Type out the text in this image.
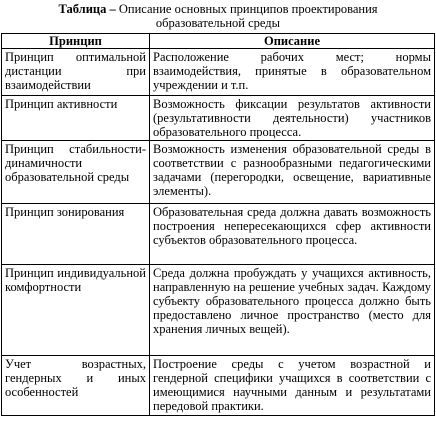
Таблица – Описание основных принципов проектирования
образовательной среды
Принцип	Описание
Принцип оптимальной дистанции при взаимодействии	Расположение рабочих мест; нормы взаимодействия, принятые в образовательном учреждении и т.п.
Принцип активности	Возможность фиксации результатов активности (результативности деятельности) участников образовательного процесса.
Принцип стабильности-динамичности образовательной среды	Возможность изменения образовательной среды в соответствии с разнообразными педагогическими задачами (перегородки, освещение, вариативные элементы).
Принцип зонирования	Образовательная среда должна давать возможность построения непересекающихся сфер активности субъектов образовательного процесса.
Принцип индивидуальной комфортности	Среда должна пробуждать у учащихся активность, направленную на решение учебных задач. Каждому субъекту образовательного процесса должно быть предоставлено личное пространство (место для хранения личных вещей).
Учет возрастных, гендерных и иных особенностей	Построение среды с учетом возрастной и гендерной специфики учащихся в соответствии с имеющимися научными данным и результатами передовой практики.
